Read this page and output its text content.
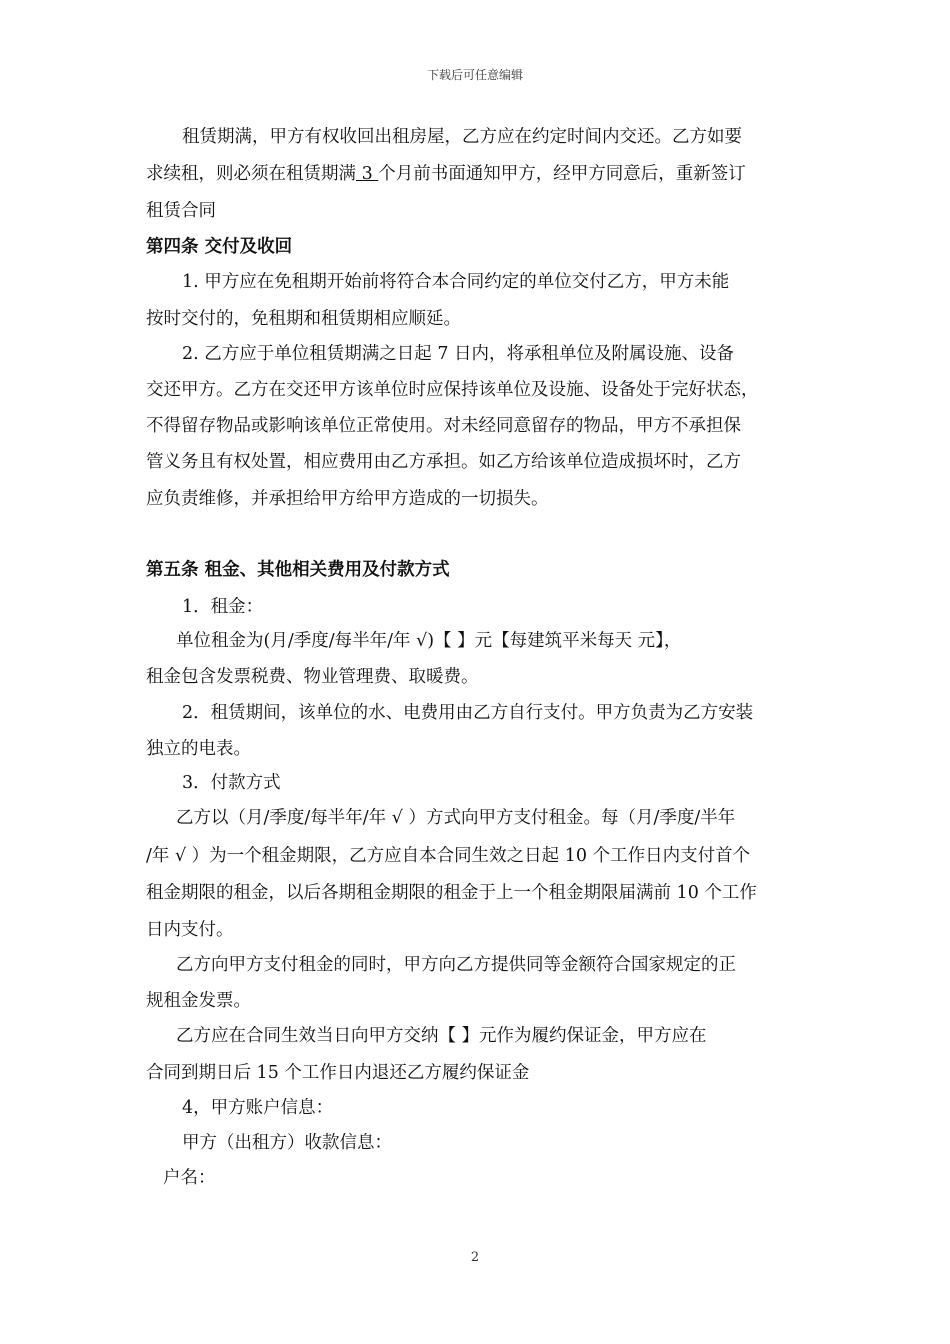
下载后可任意编辑
租赁期满，甲方有权收回出租房屋，乙方应在约定时间内交还。乙方如要
求续租，则必须在租赁期满 3 个月前书面通知甲方，经甲方同意后，重新签订
租赁合同
第四条 交付及收回
1. 甲方应在免租期开始前将符合本合同约定的单位交付乙方，甲方未能
按时交付的，免租期和租赁期相应顺延。
2. 乙方应于单位租赁期满之日起 7 日内，将承租单位及附属设施、设备
交还甲方。乙方在交还甲方该单位时应保持该单位及设施、设备处于完好状态，
不得留存物品或影响该单位正常使用。对未经同意留存的物品，甲方不承担保
管义务且有权处置，相应费用由乙方承担。如乙方给该单位造成损坏时，乙方
应负责维修，并承担给甲方给甲方造成的一切损失。
第五条 租金、其他相关费用及付款方式
1．租金：
单位租金为(月/季度/每半年/年 √)【 】元【每建筑平米每天 元】，
租金包含发票税费、物业管理费、取暖费。
2．租赁期间，该单位的水、电费用由乙方自行支付。甲方负责为乙方安装
独立的电表。
3．付款方式
乙方以（月/季度/每半年/年 √ ）方式向甲方支付租金。每（月/季度/半年
/年 √ ）为一个租金期限，乙方应自本合同生效之日起 10 个工作日内支付首个
租金期限的租金，以后各期租金期限的租金于上一个租金期限届满前 10 个工作
日内支付。
乙方向甲方支付租金的同时，甲方向乙方提供同等金额符合国家规定的正
规租金发票。
乙方应在合同生效当日向甲方交纳【 】元作为履约保证金，甲方应在
合同到期日后 15 个工作日内退还乙方履约保证金
4，甲方账户信息：
甲方（出租方）收款信息：
户名：
2
